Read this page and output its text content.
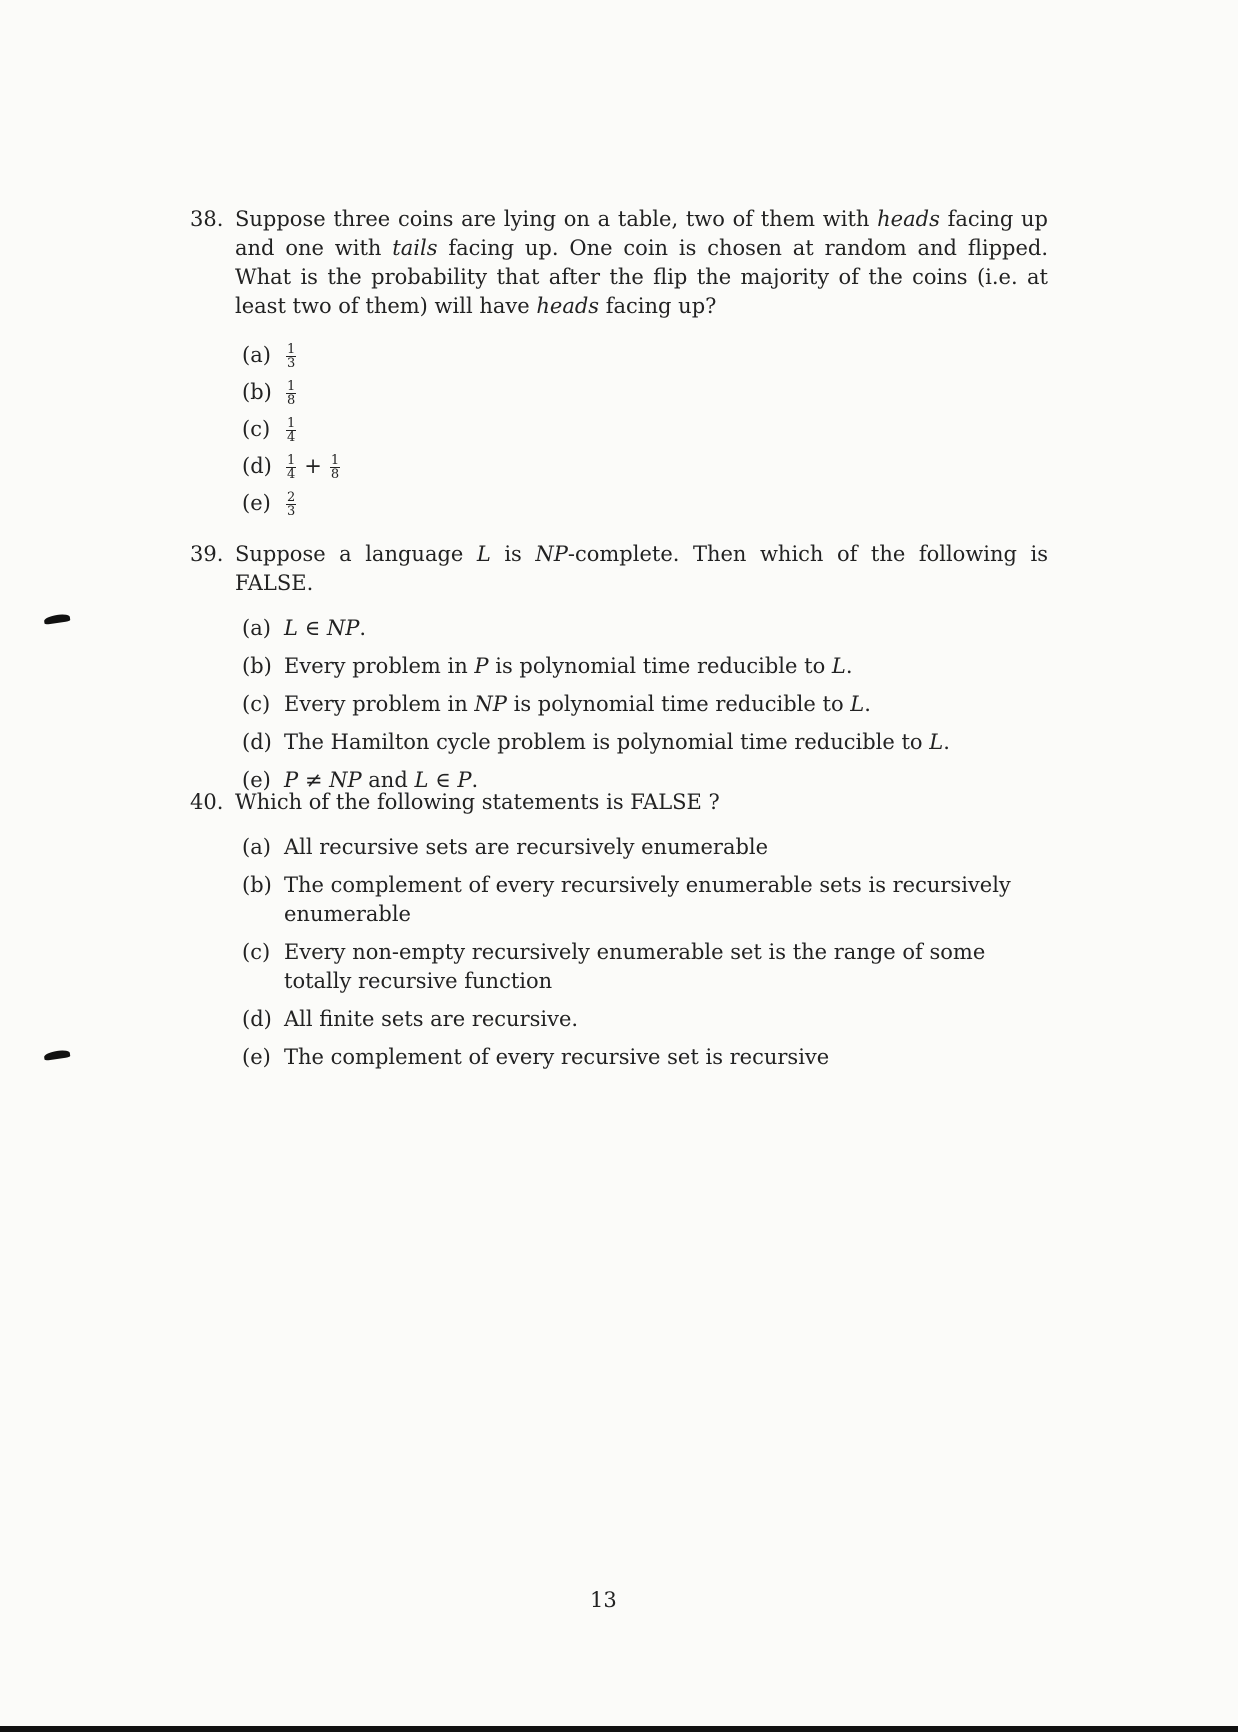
38. Suppose three coins are lying on a table, two of them with heads facing up and one with tails facing up. One coin is chosen at random and flipped. What is the probability that after the flip the majority of the coins (i.e. at least two of them) will have heads facing up?
(a)	$\frac{1}{3}$
(b)	$\frac{1}{8}$
(c)	$\frac{1}{4}$
(d)	$\frac{1}{4} + \frac{1}{8}$
(e)	$\frac{2}{3}$
39. Suppose a language L is NP-complete. Then which of the following is FALSE.
(a) L ∈ NP.
(b) Every problem in P is polynomial time reducible to L.
(c) Every problem in NP is polynomial time reducible to L.
(d) The Hamilton cycle problem is polynomial time reducible to L.
(e) P ≠ NP and L ∈ P.
40. Which of the following statements is FALSE ?
(a) All recursive sets are recursively enumerable
(b) The complement of every recursively enumerable sets is recursively enumerable
(c) Every non-empty recursively enumerable set is the range of some totally recursive function
(d) All finite sets are recursive.
(e) The complement of every recursive set is recursive
13
